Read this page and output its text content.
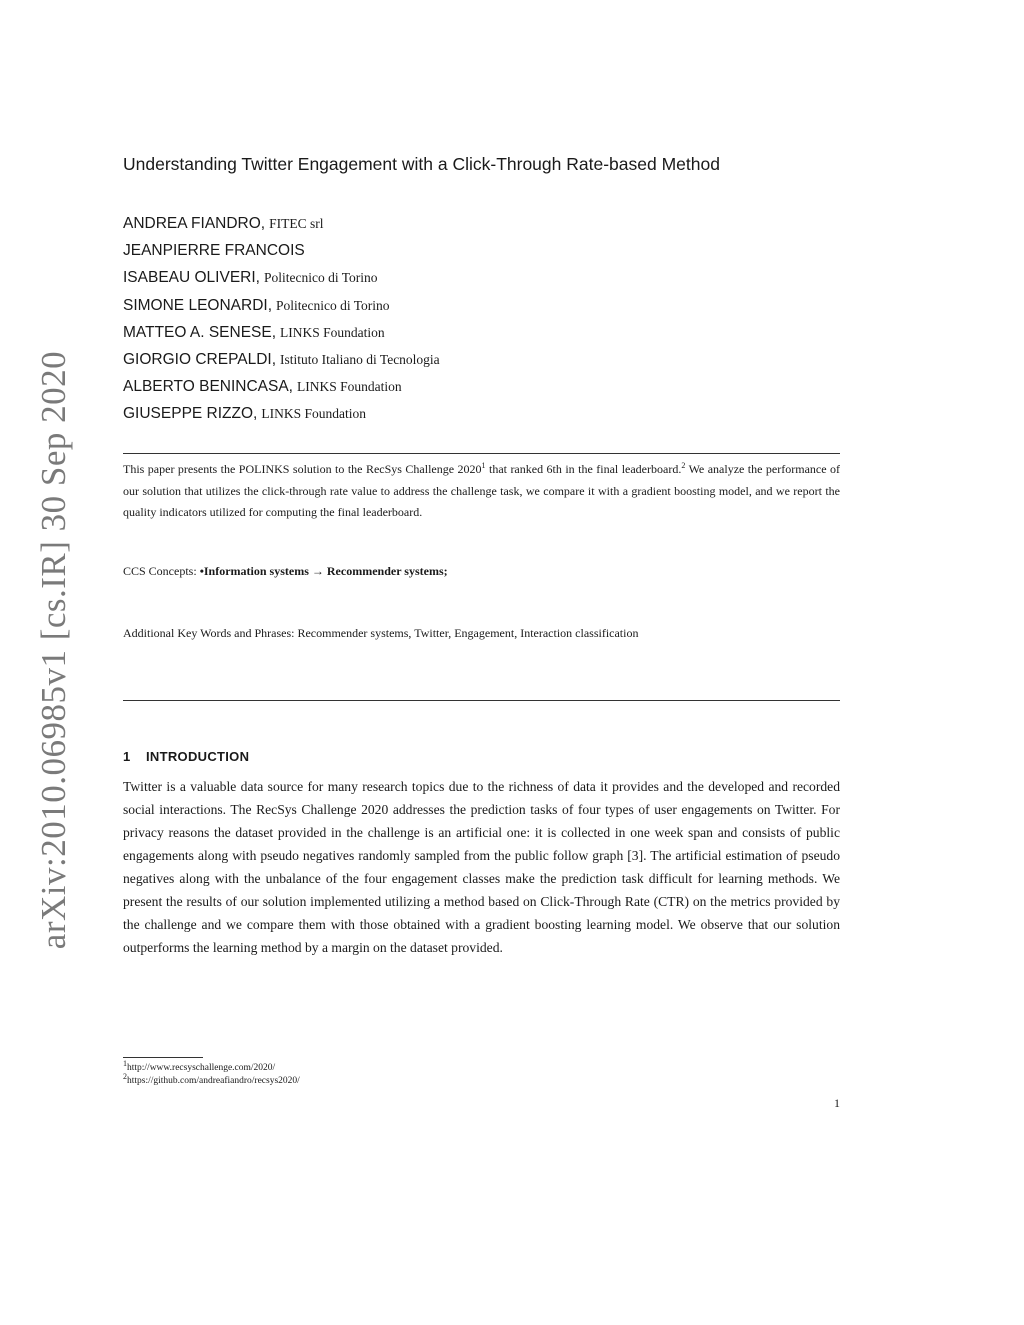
arXiv:2010.06985v1 [cs.IR] 30 Sep 2020
Understanding Twitter Engagement with a Click-Through Rate-based Method
ANDREA FIANDRO, FITEC srl
JEANPIERRE FRANCOIS
ISABEAU OLIVERI, Politecnico di Torino
SIMONE LEONARDI, Politecnico di Torino
MATTEO A. SENESE, LINKS Foundation
GIORGIO CREPALDI, Istituto Italiano di Tecnologia
ALBERTO BENINCASA, LINKS Foundation
GIUSEPPE RIZZO, LINKS Foundation
This paper presents the POLINKS solution to the RecSys Challenge 2020$^1$ that ranked 6th in the final leaderboard.$^2$ We analyze the performance of our solution that utilizes the click-through rate value to address the challenge task, we compare it with a gradient boosting model, and we report the quality indicators utilized for computing the final leaderboard.
CCS Concepts: •Information systems → Recommender systems;
Additional Key Words and Phrases: Recommender systems, Twitter, Engagement, Interaction classification
1 INTRODUCTION
Twitter is a valuable data source for many research topics due to the richness of data it provides and the developed and recorded social interactions. The RecSys Challenge 2020 addresses the prediction tasks of four types of user engagements on Twitter. For privacy reasons the dataset provided in the challenge is an artificial one: it is collected in one week span and consists of public engagements along with pseudo negatives randomly sampled from the public follow graph [3]. The artificial estimation of pseudo negatives along with the unbalance of the four engagement classes make the prediction task difficult for learning methods. We present the results of our solution implemented utilizing a method based on Click-Through Rate (CTR) on the metrics provided by the challenge and we compare them with those obtained with a gradient boosting learning model. We observe that our solution outperforms the learning method by a margin on the dataset provided.
$^1$http://www.recsyschallenge.com/2020/
$^2$https://github.com/andreafiandro/recsys2020/
1
